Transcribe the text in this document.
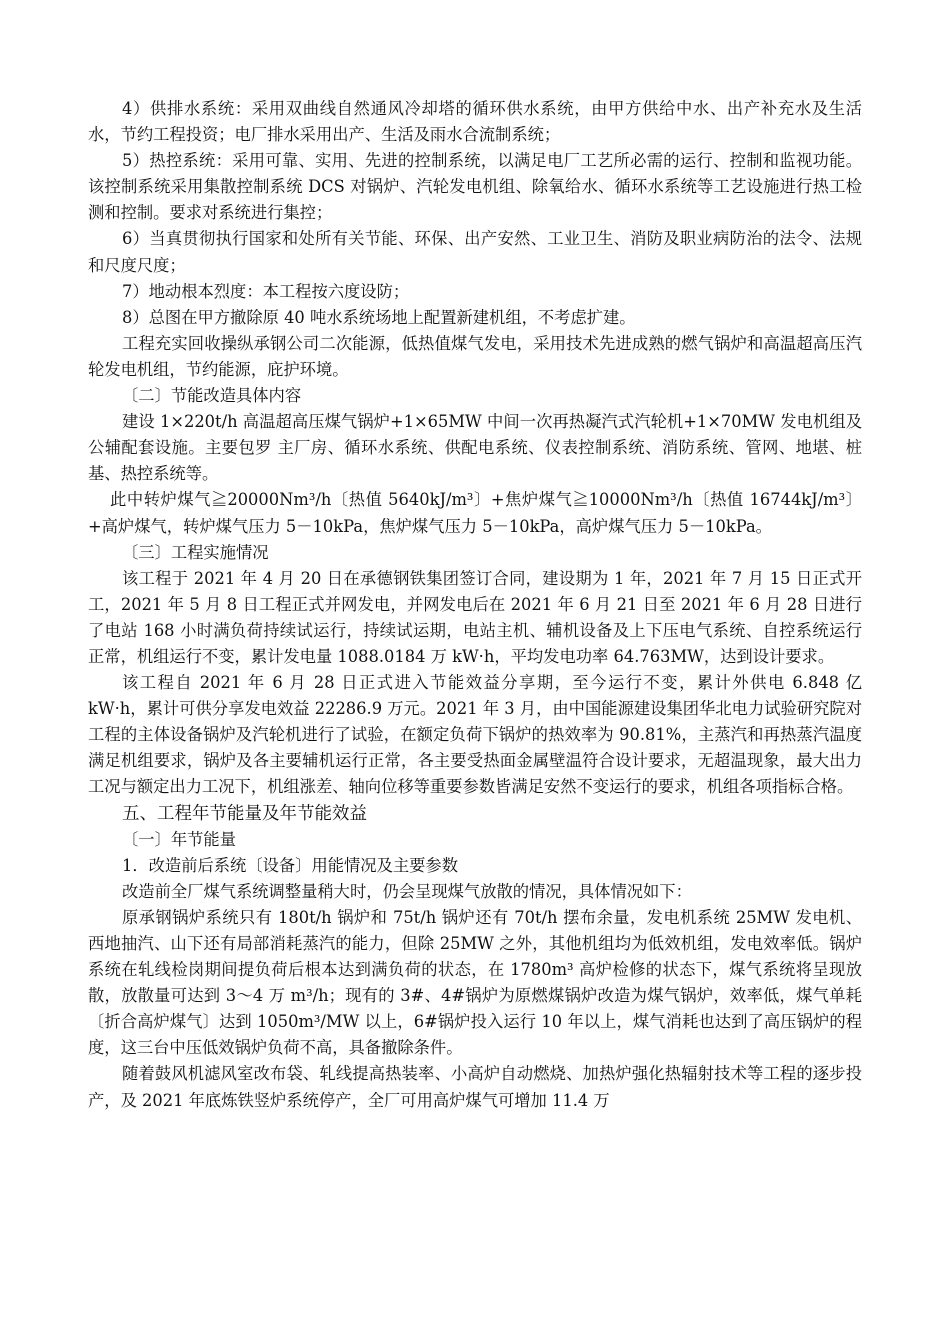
4）供排水系统：采用双曲线自然通风冷却塔的循环供水系统，由甲方供给中水、出产补充水及生活水，节约工程投资；电厂排水采用出产、生活及雨水合流制系统；

5）热控系统：采用可靠、实用、先进的控制系统，以满足电厂工艺所必需的运行、控制和监视功能。该控制系统采用集散控制系统 DCS 对锅炉、汽轮发电机组、除氧给水、循环水系统等工艺设施进行热工检测和控制。要求对系统进行集控；

6）当真贯彻执行国家和处所有关节能、环保、出产安然、工业卫生、消防及职业病防治的法令、法规和尺度尺度；

7）地动根本烈度：本工程按六度设防；

8）总图在甲方撤除原 40 吨水系统场地上配置新建机组，不考虑扩建。

工程充实回收操纵承钢公司二次能源，低热值煤气发电，采用技术先进成熟的燃气锅炉和高温超高压汽轮发电机组，节约能源，庇护环境。

〔二〕节能改造具体内容

建设 1×220t/h 高温超高压煤气锅炉+1×65MW 中间一次再热凝汽式汽轮机+1×70MW 发电机组及公辅配套设施。主要包罗 主厂房、循环水系统、供配电系统、仪表控制系统、消防系统、管网、地堪、桩基、热控系统等。

此中转炉煤气≧20000Nm³/h〔热值 5640kJ/m³〕+焦炉煤气≧10000Nm³/h〔热值 16744kJ/m³〕+高炉煤气，转炉煤气压力 5－10kPa，焦炉煤气压力 5－10kPa，高炉煤气压力 5－10kPa。

〔三〕工程实施情况

该工程于 2021 年 4 月 20 日在承德钢铁集团签订合同，建设期为 1 年，2021 年 7 月 15 日正式开工，2021 年 5 月 8 日工程正式并网发电，并网发电后在 2021 年 6 月 21 日至 2021 年 6 月 28 日进行了电站 168 小时满负荷持续试运行，持续试运期，电站主机、辅机设备及上下压电气系统、自控系统运行正常，机组运行不变，累计发电量 1088.0184 万 kW·h，平均发电功率 64.763MW，达到设计要求。

该工程自 2021 年 6 月 28 日正式进入节能效益分享期，至今运行不变，累计外供电 6.848 亿 kW·h，累计可供分享发电效益 22286.9 万元。2021 年 3 月，由中国能源建设集团华北电力试验研究院对工程的主体设备锅炉及汽轮机进行了试验，在额定负荷下锅炉的热效率为 90.81%，主蒸汽和再热蒸汽温度满足机组要求，锅炉及各主要辅机运行正常，各主要受热面金属壁温符合设计要求，无超温现象，最大出力工况与额定出力工况下，机组涨差、轴向位移等重要参数皆满足安然不变运行的要求，机组各项指标合格。

五、工程年节能量及年节能效益

〔一〕年节能量

1．改造前后系统〔设备〕用能情况及主要参数

改造前全厂煤气系统调整量稍大时，仍会呈现煤气放散的情况，具体情况如下：

原承钢锅炉系统只有 180t/h 锅炉和 75t/h 锅炉还有 70t/h 摆布余量，发电机系统 25MW 发电机、西地抽汽、山下还有局部消耗蒸汽的能力，但除 25MW 之外，其他机组均为低效机组，发电效率低。锅炉系统在轧线检岗期间提负荷后根本达到满负荷的状态，在 1780m³ 高炉检修的状态下，煤气系统将呈现放散，放散量可达到 3～4 万 m³/h；现有的 3#、4#锅炉为原燃煤锅炉改造为煤气锅炉，效率低，煤气单耗〔折合高炉煤气〕达到 1050m³/MW 以上，6#锅炉投入运行 10 年以上，煤气消耗也达到了高压锅炉的程度，这三台中压低效锅炉负荷不高，具备撤除条件。

随着鼓风机滤风室改布袋、轧线提高热装率、小高炉自动燃烧、加热炉强化热辐射技术等工程的逐步投产，及 2021 年底炼铁竖炉系统停产，全厂可用高炉煤气可增加 11.4 万
